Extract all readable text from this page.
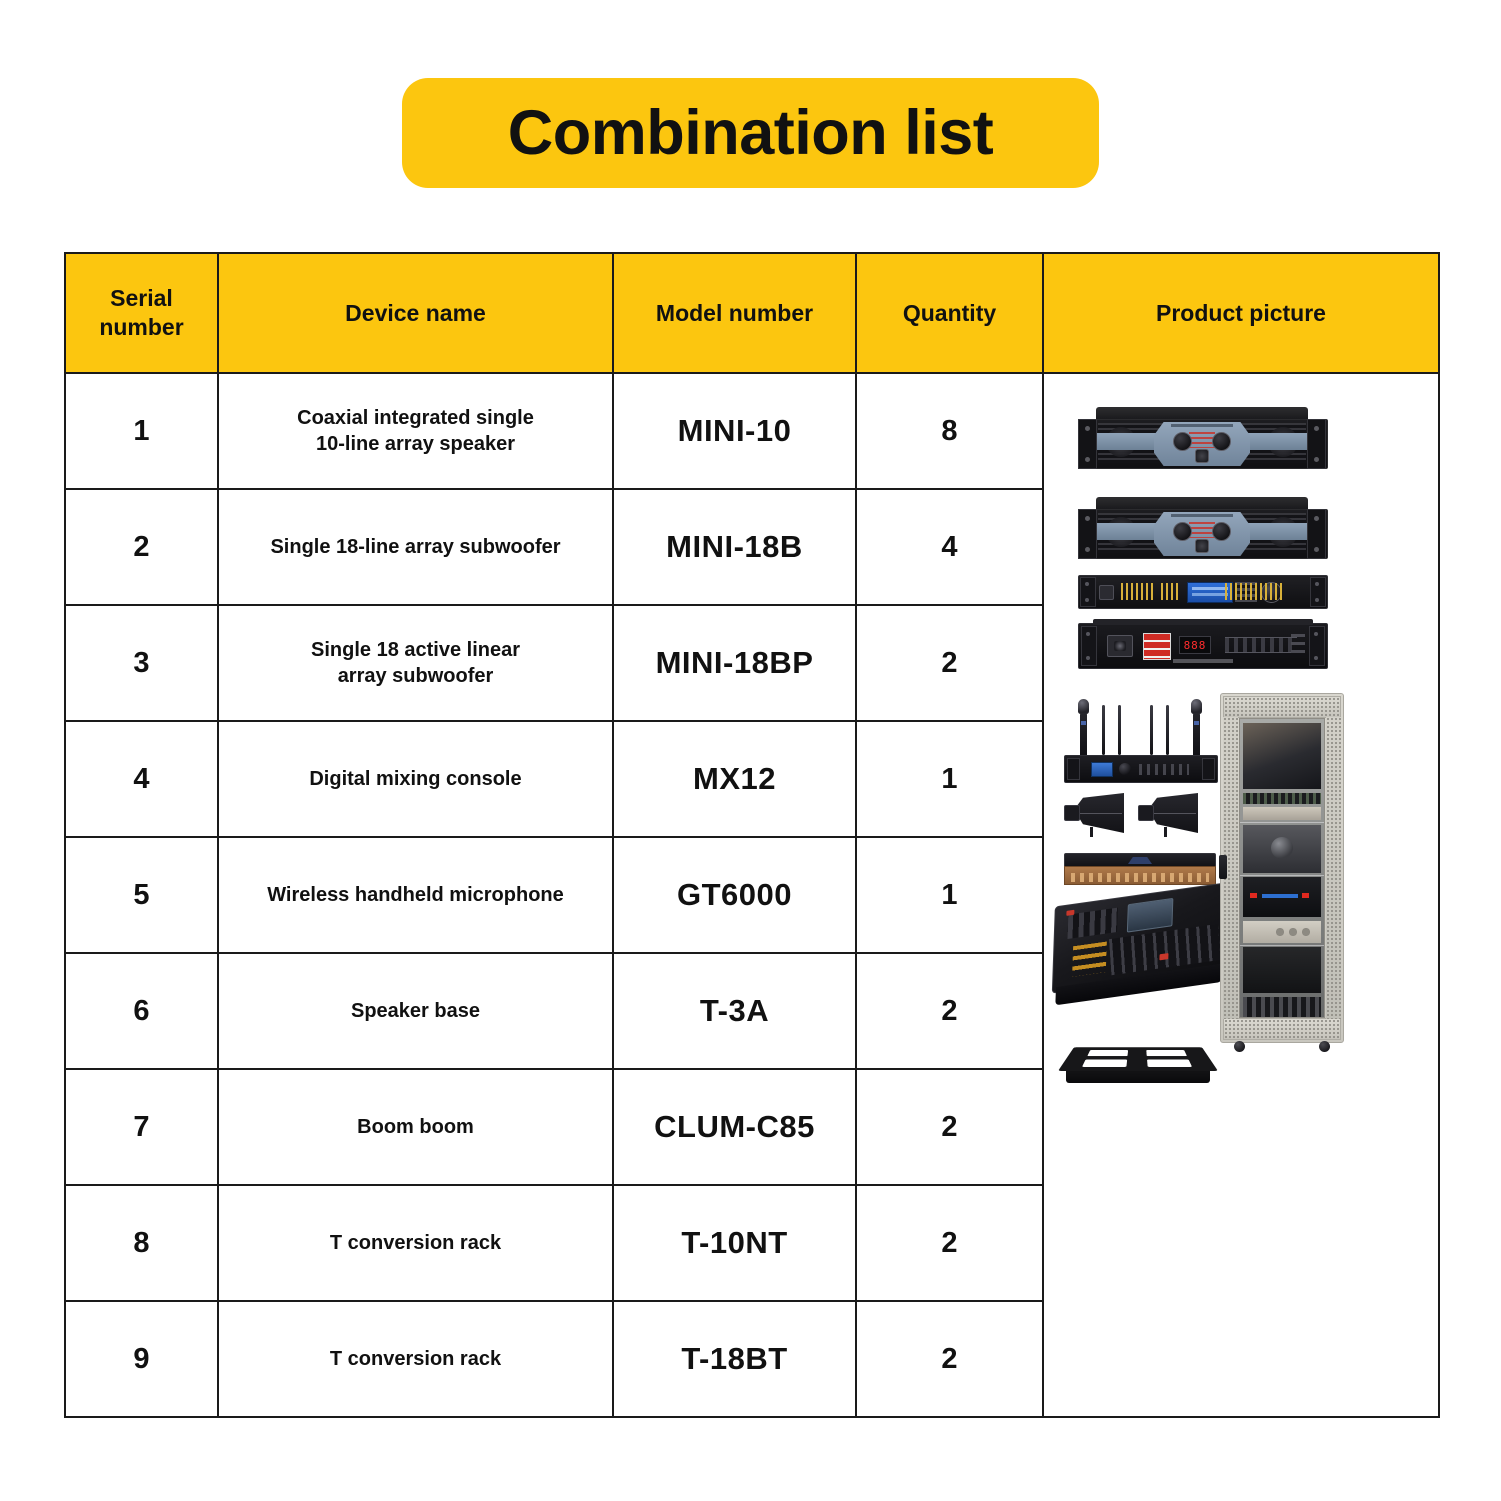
Combination list
Serial
number	Device name	Model number	Quantity	Product picture
1	Coaxial integrated single
10-line array speaker	MINI-10	8	888

2	Single 18-line array subwoofer	MINI-18B	4	
3	Single 18 active linear
array subwoofer	MINI-18BP	2	
4	Digital mixing console	MX12	1	
5	Wireless handheld microphone	GT6000	1	
6	Speaker base	T-3A	2	
7	Boom boom	CLUM-C85	2	
8	T conversion rack	T-10NT	2	
9	T conversion rack	T-18BT	2	
